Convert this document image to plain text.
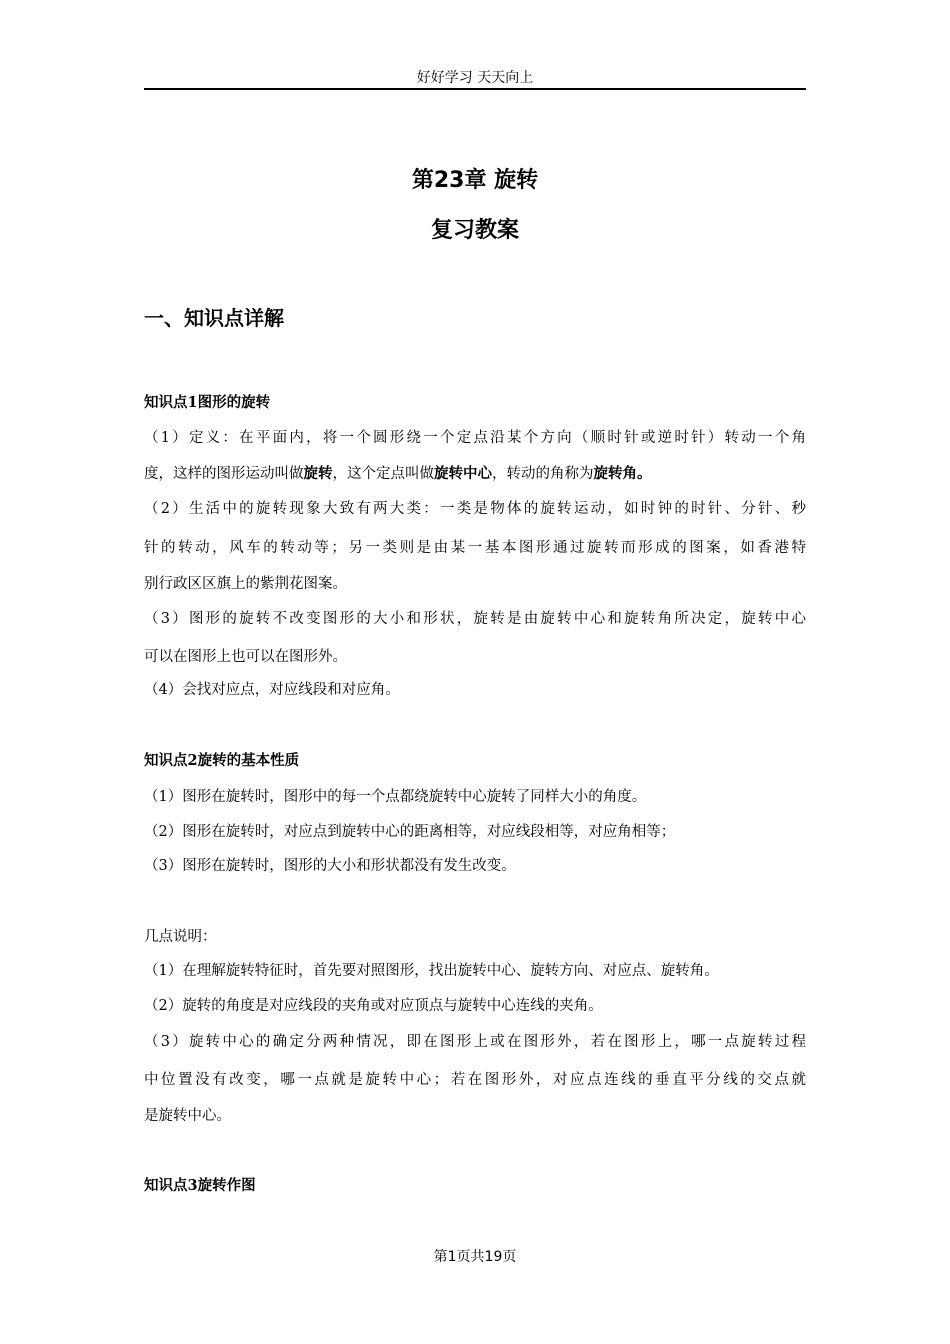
好好学习 天天向上
第23章 旋转
复习教案
一、知识点详解
知识点1图形的旋转
（1）定义：在平面内，将一个圆形绕一个定点沿某个方向（顺时针或逆时针）转动一个角
度，这样的图形运动叫做旋转，这个定点叫做旋转中心，转动的角称为旋转角。
（2）生活中的旋转现象大致有两大类：一类是物体的旋转运动，如时钟的时针、分针、秒
针的转动，风车的转动等；另一类则是由某一基本图形通过旋转而形成的图案，如香港特
别行政区区旗上的紫荆花图案。
（3）图形的旋转不改变图形的大小和形状，旋转是由旋转中心和旋转角所决定，旋转中心
可以在图形上也可以在图形外。
（4）会找对应点，对应线段和对应角。
知识点2旋转的基本性质
（1）图形在旋转时，图形中的每一个点都绕旋转中心旋转了同样大小的角度。
（2）图形在旋转时，对应点到旋转中心的距离相等，对应线段相等，对应角相等；
（3）图形在旋转时，图形的大小和形状都没有发生改变。
几点说明：
（1）在理解旋转特征时，首先要对照图形，找出旋转中心、旋转方向、对应点、旋转角。
（2）旋转的角度是对应线段的夹角或对应顶点与旋转中心连线的夹角。
（3）旋转中心的确定分两种情况，即在图形上或在图形外，若在图形上，哪一点旋转过程
中位置没有改变，哪一点就是旋转中心；若在图形外，对应点连线的垂直平分线的交点就
是旋转中心。
知识点3旋转作图
第1页共19页
